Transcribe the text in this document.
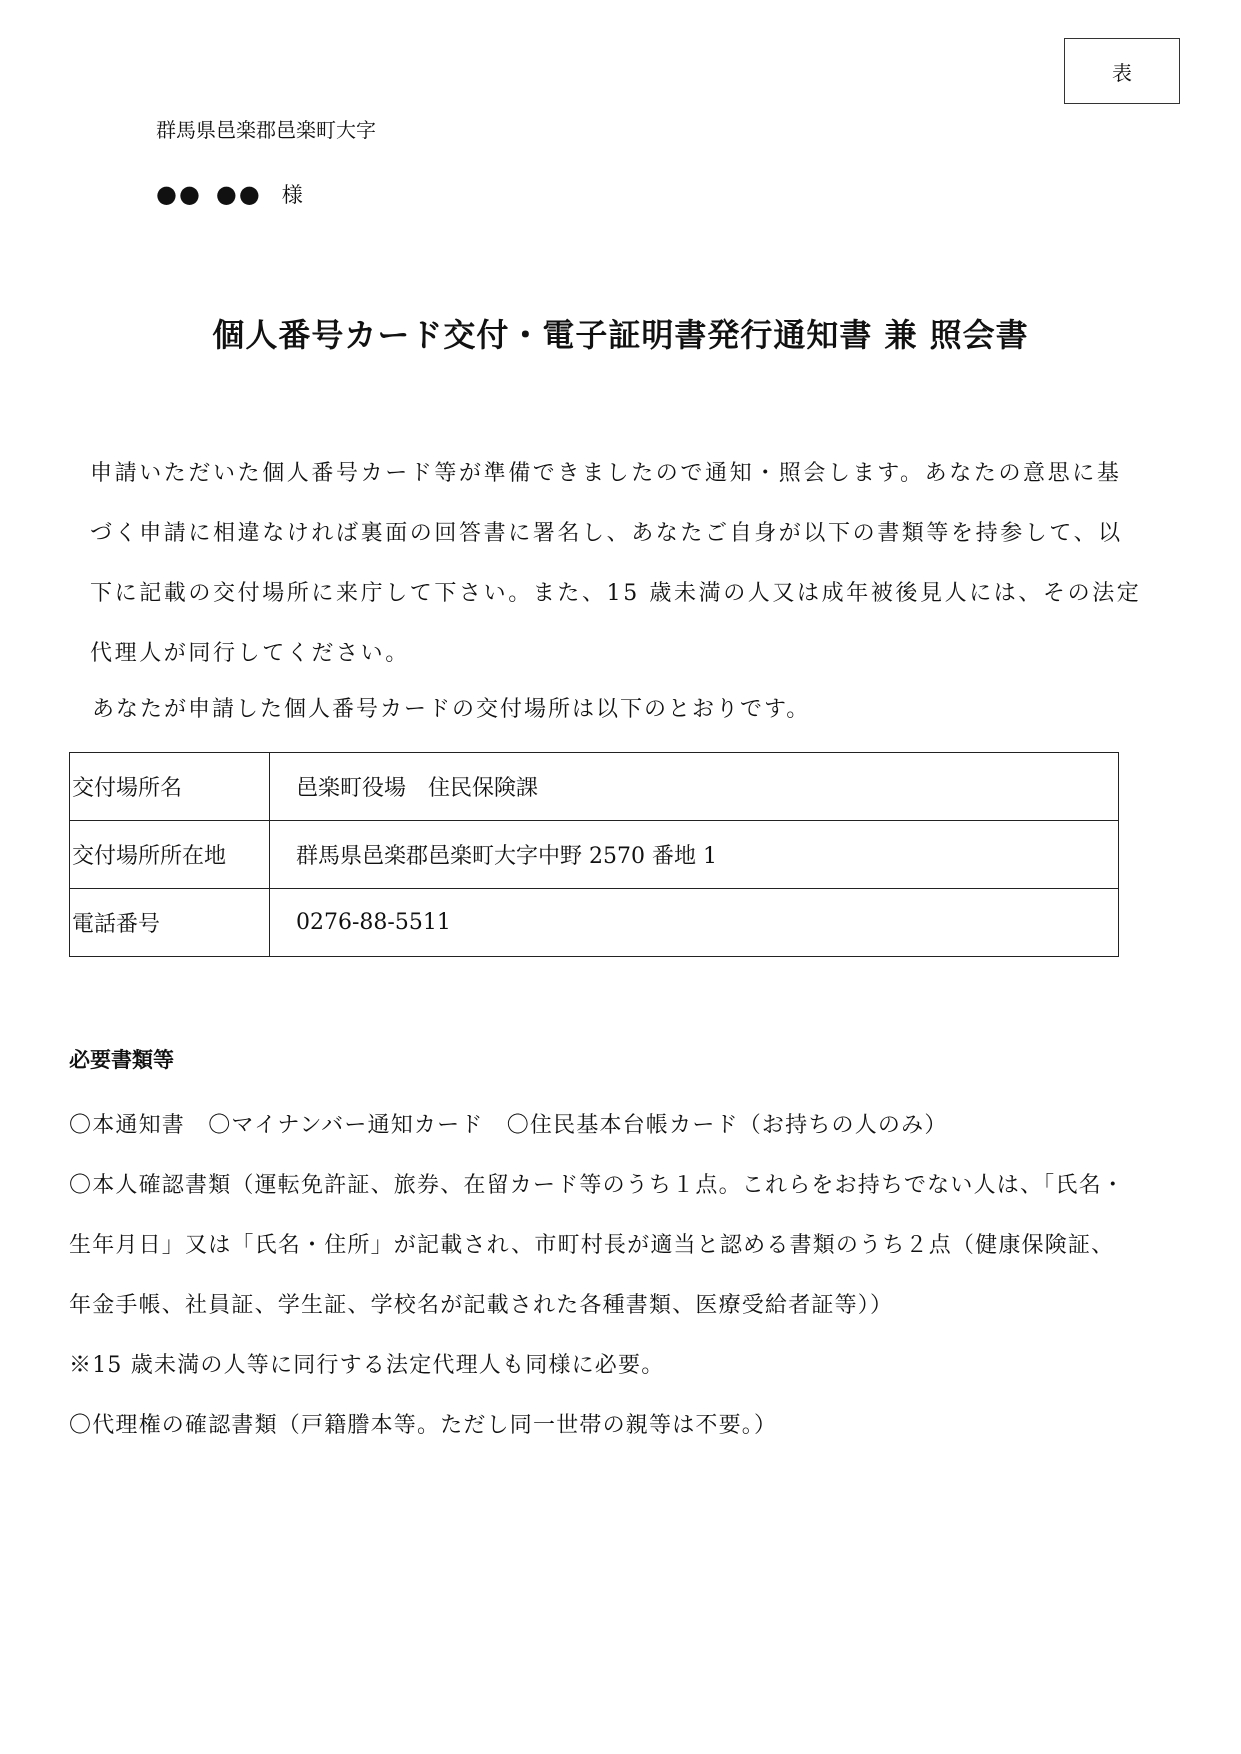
表
群馬県邑楽郡邑楽町大字
●● ●● 様
個人番号カード交付・電子証明書発行通知書 兼 照会書

申請いただいた個人番号カード等が準備できましたので通知・照会します。あなたの意思に基

づく申請に相違なければ裏面の回答書に署名し、あなたご自身が以下の書類等を持参して、以

下に記載の交付場所に来庁して下さい。また、15 歳未満の人又は成年被後見人には、その法定

代理人が同行してください。

あなたが申請した個人番号カードの交付場所は以下のとおりです。
交付場所名	邑楽町役場　住民保険課
交付場所所在地	群馬県邑楽郡邑楽町大字中野 2570 番地 1
電話番号	0276-88-5511
必要書類等

〇本通知書　〇マイナンバー通知カード　〇住民基本台帳カード（お持ちの人のみ）

〇本人確認書類（運転免許証、旅券、在留カード等のうち１点。これらをお持ちでない人は、「氏名・

生年月日」又は「氏名・住所」が記載され、市町村長が適当と認める書類のうち２点（健康保険証、

年金手帳、社員証、学生証、学校名が記載された各種書類、医療受給者証等））

※15 歳未満の人等に同行する法定代理人も同様に必要。

〇代理権の確認書類（戸籍謄本等。ただし同一世帯の親等は不要。）
